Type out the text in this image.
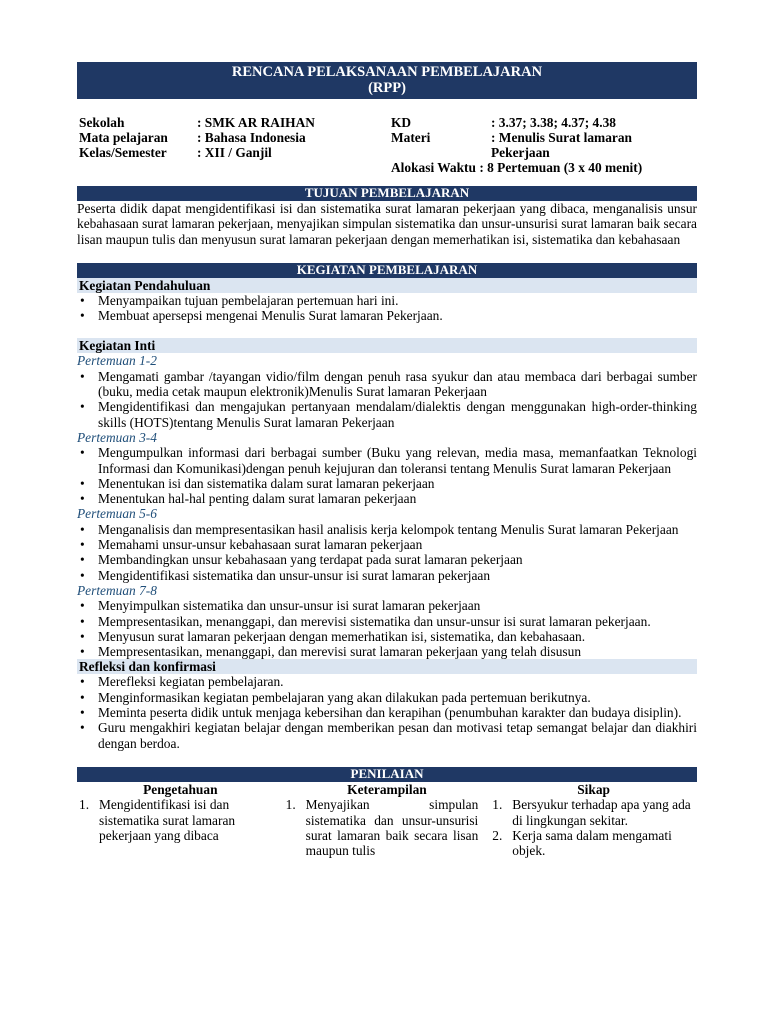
RENCANA PELAKSANAAN PEMBELAJARAN
(RPP)
Sekolah	: SMK AR RAIHAN
Mata pelajaran : Bahasa Indonesia
Kelas/Semester : XII / Ganjil
KD	: 3.37; 3.38; 4.37; 4.38
Materi	: Menulis Surat lamaran
Pekerjaan
Alokasi Waktu : 8 Pertemuan (3 x 40 menit)
TUJUAN PEMBELAJARAN
Peserta didik dapat mengidentifikasi isi dan sistematika surat lamaran pekerjaan yang dibaca, menganalisis unsur kebahasaan surat lamaran pekerjaan, menyajikan simpulan sistematika dan unsur-unsurisi surat lamaran baik secara lisan maupun tulis dan menyusun surat lamaran pekerjaan dengan memerhatikan isi, sistematika dan kebahasaan
KEGIATAN PEMBELAJARAN
Kegiatan Pendahuluan
• Menyampaikan tujuan pembelajaran pertemuan hari ini.
• Membuat apersepsi mengenai Menulis Surat lamaran Pekerjaan.
Kegiatan Inti
Pertemuan 1-2
• Mengamati gambar /tayangan vidio/film dengan penuh rasa syukur dan atau membaca dari berbagai sumber (buku, media cetak maupun elektronik)Menulis Surat lamaran Pekerjaan
• Mengidentifikasi dan mengajukan pertanyaan mendalam/dialektis dengan menggunakan high-order-thinking skills (HOTS)tentang Menulis Surat lamaran Pekerjaan
Pertemuan 3-4
• Mengumpulkan informasi dari berbagai sumber (Buku yang relevan, media masa, memanfaatkan Teknologi Informasi dan Komunikasi)dengan penuh kejujuran dan toleransi tentang Menulis Surat lamaran Pekerjaan
• Menentukan isi dan sistematika dalam surat lamaran pekerjaan
• Menentukan hal-hal penting dalam surat lamaran pekerjaan
Pertemuan 5-6
• Menganalisis dan mempresentasikan hasil analisis kerja kelompok tentang Menulis Surat lamaran Pekerjaan
• Memahami unsur-unsur kebahasaan surat lamaran pekerjaan
• Membandingkan unsur kebahasaan yang terdapat pada surat lamaran pekerjaan
• Mengidentifikasi sistematika dan unsur-unsur isi surat lamaran pekerjaan
Pertemuan 7-8
• Menyimpulkan sistematika dan unsur-unsur isi surat lamaran pekerjaan
• Mempresentasikan, menanggapi, dan merevisi sistematika dan unsur-unsur isi surat lamaran pekerjaan.
• Menyusun surat lamaran pekerjaan dengan memerhatikan isi, sistematika, dan kebahasaan.
• Mempresentasikan, menanggapi, dan merevisi surat lamaran pekerjaan yang telah disusun
Refleksi dan konfirmasi
• Merefleksi kegiatan pembelajaran.
• Menginformasikan kegiatan pembelajaran yang akan dilakukan pada pertemuan berikutnya.
• Meminta peserta didik untuk menjaga kebersihan dan kerapihan (penumbuhan karakter dan budaya disiplin).
• Guru mengakhiri kegiatan belajar dengan memberikan pesan dan motivasi tetap semangat belajar dan diakhiri dengan berdoa.
PENILAIAN
Pengetahuan
1. Mengidentifikasi isi dan sistematika surat lamaran pekerjaan yang dibaca
Keterampilan
1. Menyajikan simpulan sistematika dan unsur-unsurisi surat lamaran baik secara lisan maupun tulis
Sikap
1. Bersyukur terhadap apa yang ada di lingkungan sekitar.
2. Kerja sama dalam mengamati objek.
